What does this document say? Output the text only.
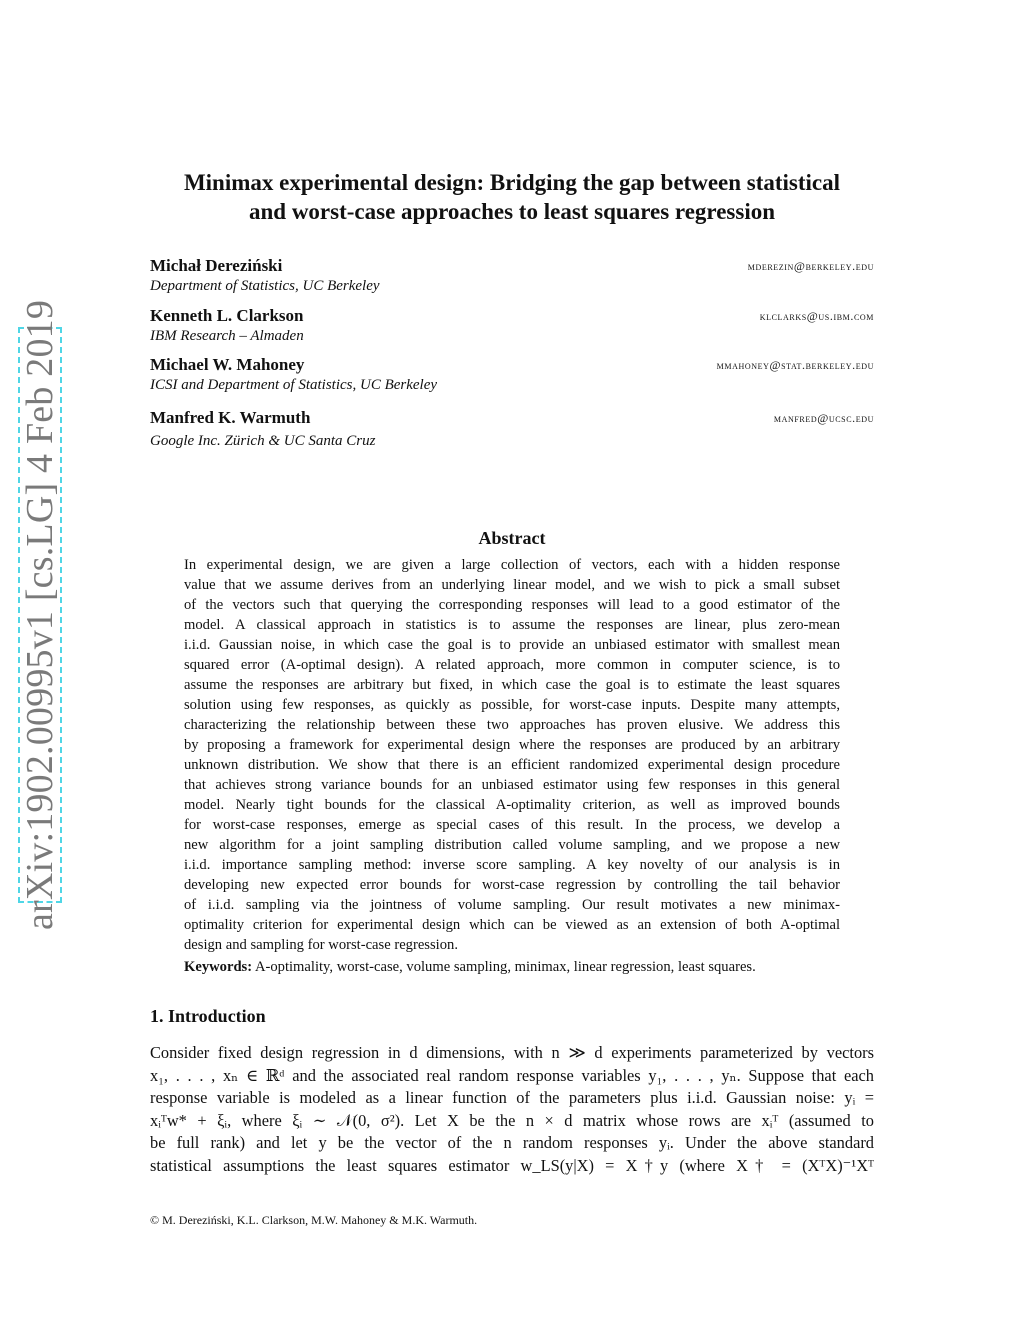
arXiv:1902.00995v1 [cs.LG] 4 Feb 2019
Minimax experimental design: Bridging the gap between statistical
and worst-case approaches to least squares regression
Michał Dereziński
Department of Statistics, UC Berkeley
mderezin@berkeley.edu
Kenneth L. Clarkson
IBM Research – Almaden
klclarks@us.ibm.com
Michael W. Mahoney
ICSI and Department of Statistics, UC Berkeley
mmahoney@stat.berkeley.edu
Manfred K. Warmuth
Google Inc. Zürich & UC Santa Cruz
manfred@ucsc.edu
Abstract
In experimental design, we are given a large collection of vectors, each with a hidden response
value that we assume derives from an underlying linear model, and we wish to pick a small subset
of the vectors such that querying the corresponding responses will lead to a good estimator of the
model. A classical approach in statistics is to assume the responses are linear, plus zero-mean
i.i.d. Gaussian noise, in which case the goal is to provide an unbiased estimator with smallest mean
squared error (A-optimal design). A related approach, more common in computer science, is to
assume the responses are arbitrary but fixed, in which case the goal is to estimate the least squares
solution using few responses, as quickly as possible, for worst-case inputs. Despite many attempts,
characterizing the relationship between these two approaches has proven elusive. We address this
by proposing a framework for experimental design where the responses are produced by an arbitrary
unknown distribution. We show that there is an efficient randomized experimental design procedure
that achieves strong variance bounds for an unbiased estimator using few responses in this general
model. Nearly tight bounds for the classical A-optimality criterion, as well as improved bounds
for worst-case responses, emerge as special cases of this result. In the process, we develop a
new algorithm for a joint sampling distribution called volume sampling, and we propose a new
i.i.d. importance sampling method: inverse score sampling. A key novelty of our analysis is in
developing new expected error bounds for worst-case regression by controlling the tail behavior
of i.i.d. sampling via the jointness of volume sampling. Our result motivates a new minimax-
optimality criterion for experimental design which can be viewed as an extension of both A-optimal
design and sampling for worst-case regression.
Keywords: A-optimality, worst-case, volume sampling, minimax, linear regression, least squares.
1. Introduction
Consider fixed design regression in d dimensions, with n ≫ d experiments parameterized by vectors
x₁, . . . , xₙ ∈ ℝᵈ and the associated real random response variables y₁, . . . , yₙ. Suppose that each
response variable is modeled as a linear function of the parameters plus i.i.d. Gaussian noise: yᵢ =
xᵢᵀw* + ξᵢ, where ξᵢ ∼ 𝒩(0, σ²). Let X be the n × d matrix whose rows are xᵢᵀ (assumed to
be full rank) and let y be the vector of the n random responses yᵢ. Under the above standard
statistical assumptions the least squares estimator w_LS(y|X) = X†y (where X† = (XᵀX)⁻¹Xᵀ
© M. Dereziński, K.L. Clarkson, M.W. Mahoney & M.K. Warmuth.
